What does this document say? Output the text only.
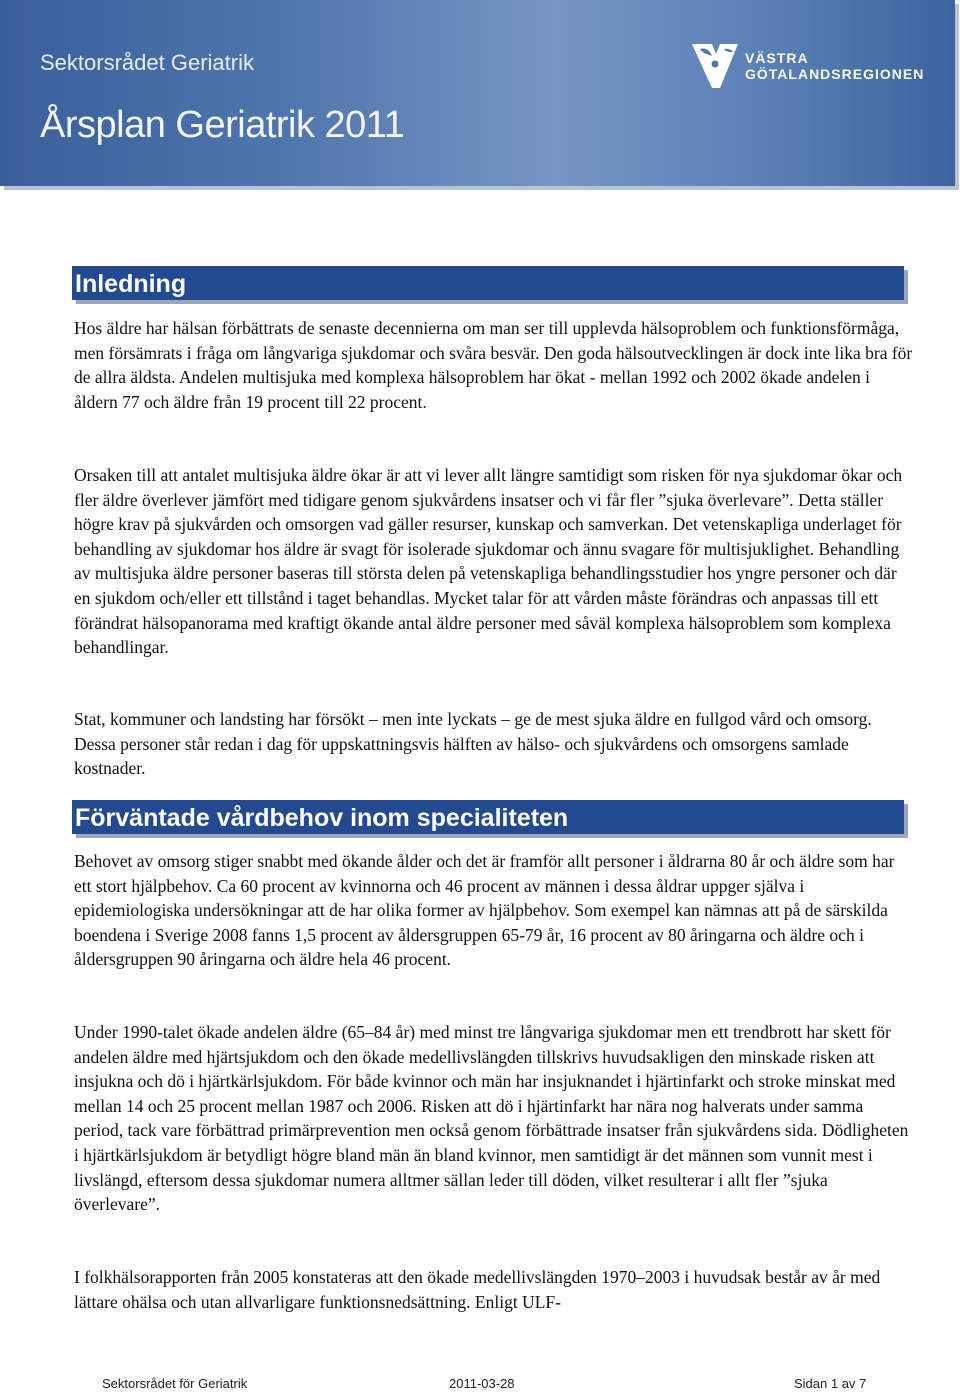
Sektorsrådet Geriatrik
Årsplan Geriatrik 2011
VÄSTRA
GÖTALANDSREGIONEN
Inledning

Hos äldre har hälsan förbättrats de senaste decennierna om man ser till upplevda hälsoproblem och funktionsförmåga, men försämrats i fråga om långvariga sjukdomar och svåra besvär. Den goda hälsoutvecklingen är dock inte lika bra för de allra äldsta. Andelen multisjuka med komplexa hälsoproblem har ökat - mellan 1992 och 2002 ökade andelen i åldern 77 och äldre från 19 procent till 22 procent.

Orsaken till att antalet multisjuka äldre ökar är att vi lever allt längre samtidigt som risken för nya sjukdomar ökar och fler äldre överlever jämfört med tidigare genom sjukvårdens insatser och vi får fler ”sjuka överlevare”. Detta ställer högre krav på sjukvården och omsorgen vad gäller resurser, kunskap och samverkan. Det vetenskapliga underlaget för behandling av sjukdomar hos äldre är svagt för isolerade sjukdomar och ännu svagare för multisjuklighet. Behandling av multisjuka äldre personer baseras till största delen på vetenskapliga behandlingsstudier hos yngre personer och där en sjukdom och/eller ett tillstånd i taget behandlas. Mycket talar för att vården måste förändras och anpassas till ett förändrat hälsopanorama med kraftigt ökande antal äldre personer med såväl komplexa hälsoproblem som komplexa behandlingar.

Stat, kommuner och landsting har försökt – men inte lyckats – ge de mest sjuka äldre en fullgod vård och omsorg. Dessa personer står redan i dag för uppskattningsvis hälften av hälso- och sjukvårdens och omsorgens samlade kostnader.

Förväntade vårdbehov inom specialiteten

Behovet av omsorg stiger snabbt med ökande ålder och det är framför allt personer i åldrarna 80 år och äldre som har ett stort hjälpbehov. Ca 60 procent av kvinnorna och 46 procent av männen i dessa åldrar uppger själva i epidemiologiska undersökningar att de har olika former av hjälpbehov. Som exempel kan nämnas att på de särskilda boendena i Sverige 2008 fanns 1,5 procent av åldersgruppen 65-79 år, 16 procent av 80 åringarna och äldre och i åldersgruppen 90 åringarna och äldre hela 46 procent.

Under 1990-talet ökade andelen äldre (65–84 år) med minst tre långvariga sjukdomar men ett trendbrott har skett för andelen äldre med hjärtsjukdom och den ökade medellivslängden tillskrivs huvudsakligen den minskade risken att insjukna och dö i hjärtkärlsjukdom. För både kvinnor och män har insjuknandet i hjärtinfarkt och stroke minskat med mellan 14 och 25 procent mellan 1987 och 2006. Risken att dö i hjärtinfarkt har nära nog halverats under samma period, tack vare förbättrad primärprevention men också genom förbättrade insatser från sjukvårdens sida. Dödligheten i hjärtkärlsjukdom är betydligt högre bland män än bland kvinnor, men samtidigt är det männen som vunnit mest i livslängd, eftersom dessa sjukdomar numera alltmer sällan leder till döden, vilket resulterar i allt fler ”sjuka överlevare”.

I folkhälsorapporten från 2005 konstateras att den ökade medellivslängden 1970–2003 i huvudsak består av år med lättare ohälsa och utan allvarligare funktionsnedsättning. Enligt ULF-

Sektorsrådet för Geriatrik	2011-03-28	Sidan 1 av 7
